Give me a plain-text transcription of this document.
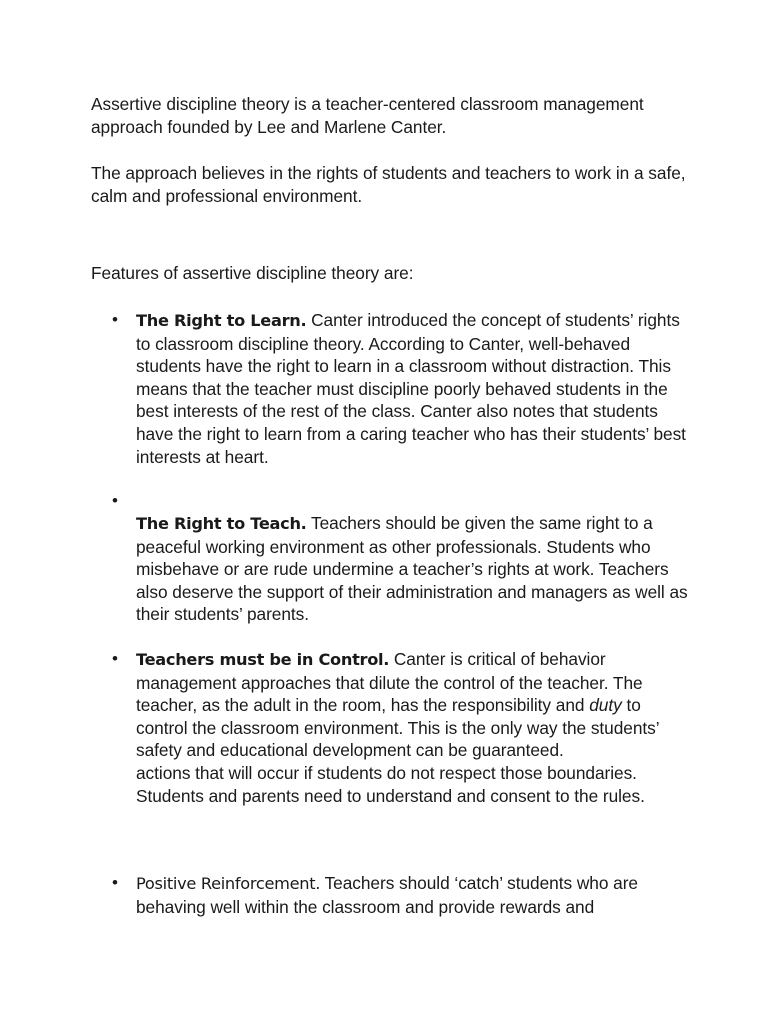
Assertive discipline theory is a teacher-centered classroom management approach founded by Lee and Marlene Canter.

The approach believes in the rights of students and teachers to work in a safe, calm and professional environment.

Features of assertive discipline theory are:

•	The Right to Learn. Canter introduced the concept of students’ rights to classroom discipline theory. According to Canter, well-behaved students have the right to learn in a classroom without distraction. This means that the teacher must discipline poorly behaved students in the best interests of the rest of the class. Canter also notes that students have the right to learn from a caring teacher who has their students’ best interests at heart.

•

The Right to Teach. Teachers should be given the same right to a peaceful working environment as other professionals. Students who misbehave or are rude undermine a teacher’s rights at work. Teachers also deserve the support of their administration and managers as well as their students’ parents.

•	Teachers must be in Control. Canter is critical of behavior management approaches that dilute the control of the teacher. The teacher, as the adult in the room, has the responsibility and duty to control the classroom environment. This is the only way the students’ safety and educational development can be guaranteed.
actions that will occur if students do not respect those boundaries. Students and parents need to understand and consent to the rules.

•	Positive Reinforcement. Teachers should ‘catch’ students who are behaving well within the classroom and provide rewards and
